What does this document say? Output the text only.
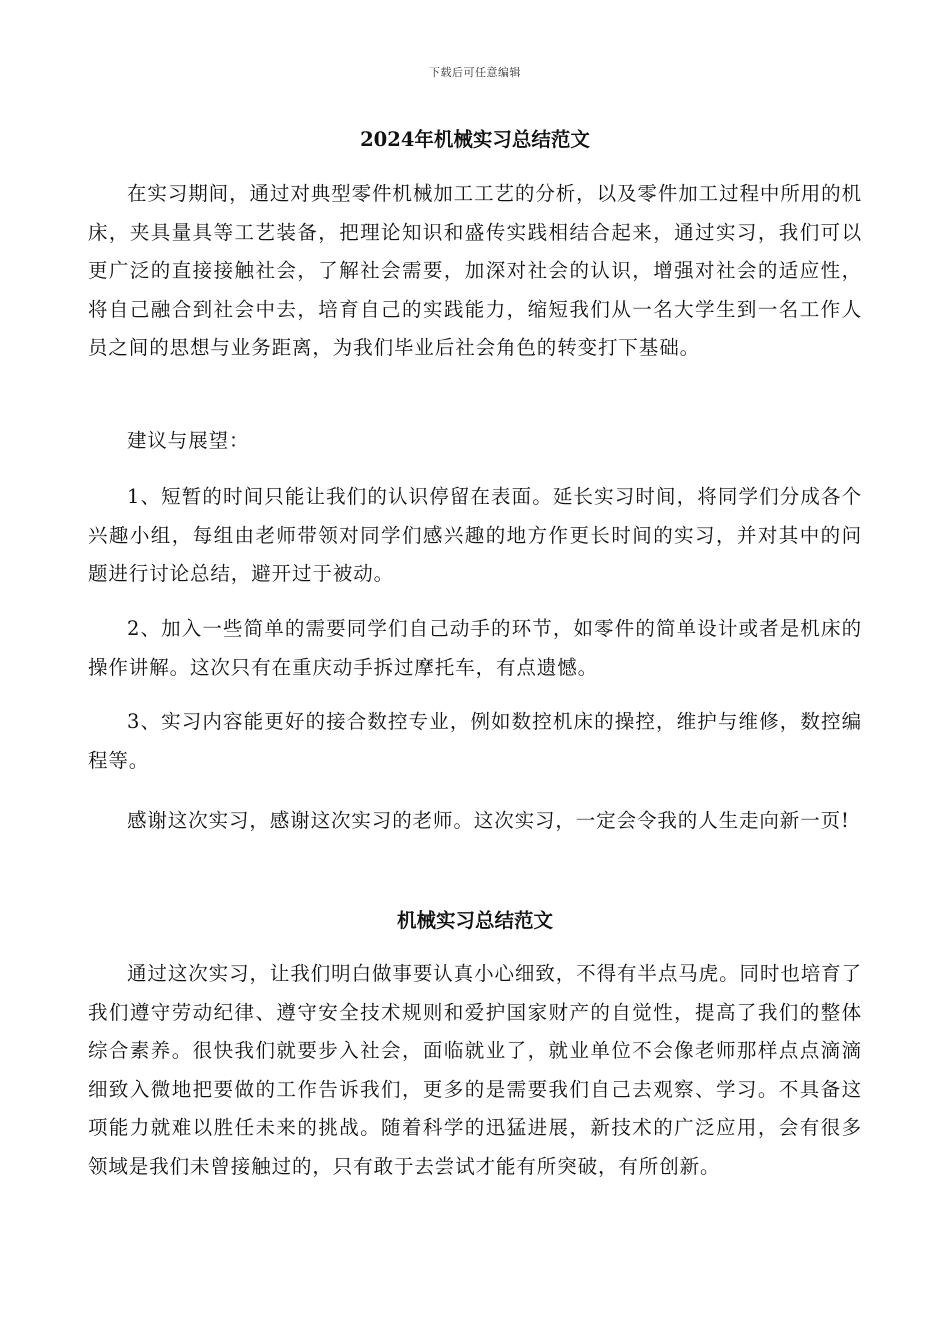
下载后可任意编辑
2024年机械实习总结范文

在实习期间，通过对典型零件机械加工工艺的分析，以及零件加工过程中所用的机床，夹具量具等工艺装备，把理论知识和盛传实践相结合起来，通过实习，我们可以更广泛的直接接触社会，了解社会需要，加深对社会的认识，增强对社会的适应性，将自己融合到社会中去，培育自己的实践能力，缩短我们从一名大学生到一名工作人员之间的思想与业务距离，为我们毕业后社会角色的转变打下基础。

建议与展望：

1、短暂的时间只能让我们的认识停留在表面。延长实习时间，将同学们分成各个兴趣小组，每组由老师带领对同学们感兴趣的地方作更长时间的实习，并对其中的问题进行讨论总结，避开过于被动。

2、加入一些简单的需要同学们自己动手的环节，如零件的简单设计或者是机床的操作讲解。这次只有在重庆动手拆过摩托车，有点遗憾。

3、实习内容能更好的接合数控专业，例如数控机床的操控，维护与维修，数控编程等。

感谢这次实习，感谢这次实习的老师。这次实习，一定会令我的人生走向新一页!

机械实习总结范文

通过这次实习，让我们明白做事要认真小心细致，不得有半点马虎。同时也培育了我们遵守劳动纪律、遵守安全技术规则和爱护国家财产的自觉性，提高了我们的整体综合素养。很快我们就要步入社会，面临就业了，就业单位不会像老师那样点点滴滴细致入微地把要做的工作告诉我们，更多的是需要我们自己去观察、学习。不具备这项能力就难以胜任未来的挑战。随着科学的迅猛进展，新技术的广泛应用，会有很多领域是我们未曾接触过的，只有敢于去尝试才能有所突破，有所创新。
